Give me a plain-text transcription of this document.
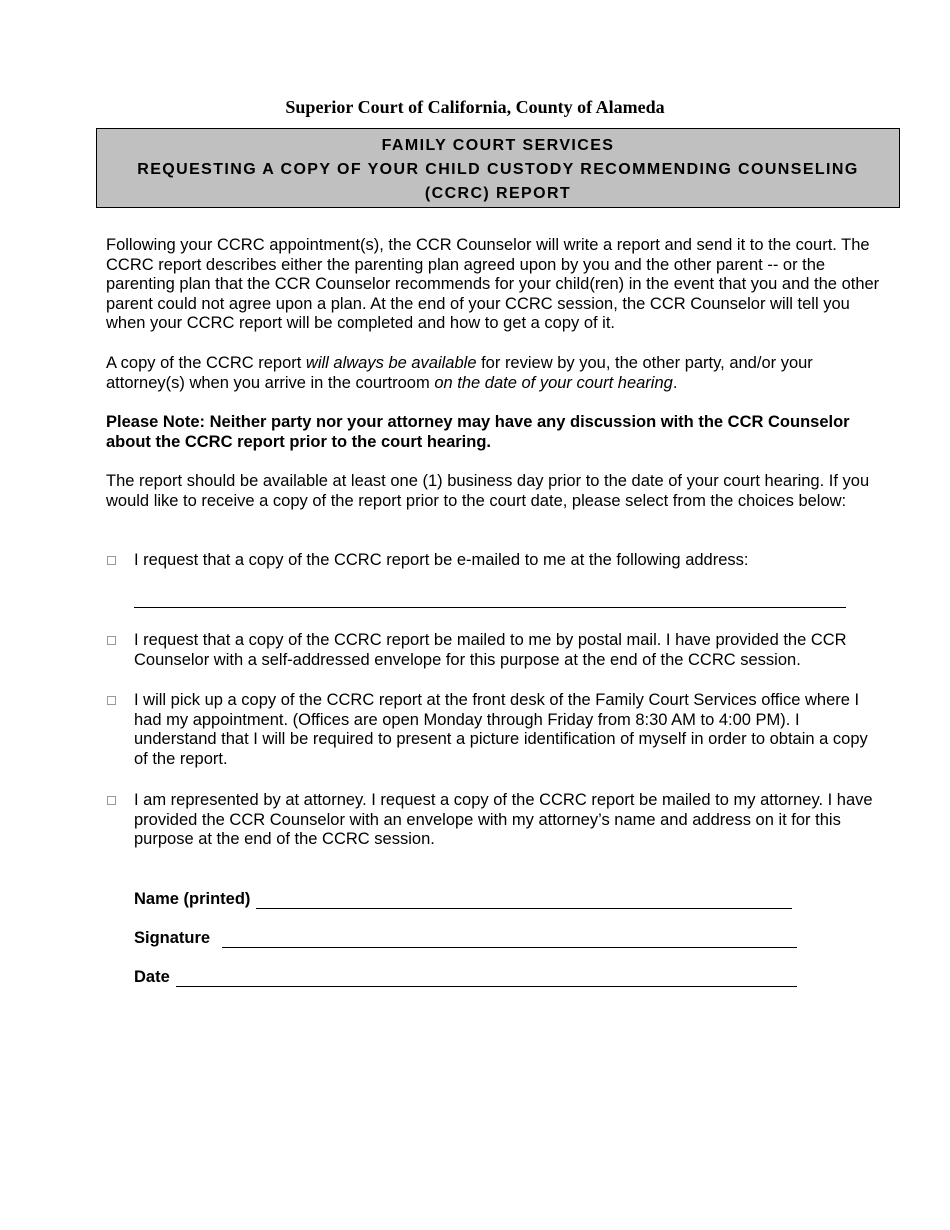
Superior Court of California, County of Alameda
FAMILY COURT SERVICES
REQUESTING A COPY OF YOUR CHILD CUSTODY RECOMMENDING COUNSELING
(CCRC) REPORT

Following your CCRC appointment(s), the CCR Counselor will write a report and send it to the court. The CCRC report describes either the parenting plan agreed upon by you and the other parent -- or the parenting plan that the CCR Counselor recommends for your child(ren) in the event that you and the other parent could not agree upon a plan. At the end of your CCRC session, the CCR Counselor will tell you when your CCRC report will be completed and how to get a copy of it.

A copy of the CCRC report will always be available for review by you, the other party, and/or your attorney(s) when you arrive in the courtroom on the date of your court hearing.

Please Note: Neither party nor your attorney may have any discussion with the CCR Counselor about the CCRC report prior to the court hearing.

The report should be available at least one (1) business day prior to the date of your court hearing. If you would like to receive a copy of the report prior to the court date, please select from the choices below:

I request that a copy of the CCRC report be e-mailed to me at the following address:
I request that a copy of the CCRC report be mailed to me by postal mail. I have provided the CCR Counselor with a self-addressed envelope for this purpose at the end of the CCRC session.
I will pick up a copy of the CCRC report at the front desk of the Family Court Services office where I had my appointment. (Offices are open Monday through Friday from 8:30 AM to 4:00 PM). I understand that I will be required to present a picture identification of myself in order to obtain a copy of the report.
I am represented by at attorney. I request a copy of the CCRC report be mailed to my attorney. I have provided the CCR Counselor with an envelope with my attorney’s name and address on it for this purpose at the end of the CCRC session.
Name (printed)
Signature
Date
